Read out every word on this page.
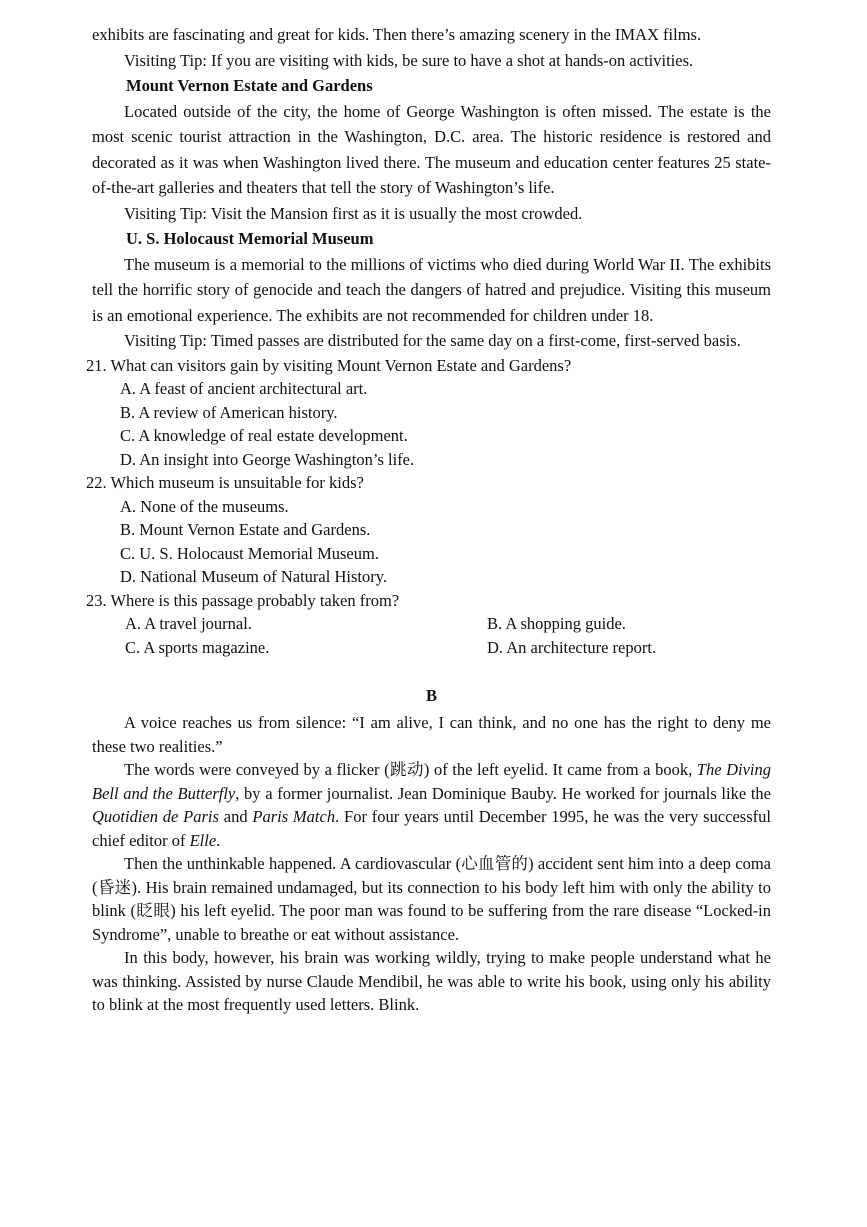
exhibits are fascinating and great for kids. Then there’s amazing scenery in the IMAX films.

Visiting Tip: If you are visiting with kids, be sure to have a shot at hands-on activities.

Mount Vernon Estate and Gardens

Located outside of the city, the home of George Washington is often missed. The estate is the most scenic tourist attraction in the Washington, D.C. area. The historic residence is restored and decorated as it was when Washington lived there. The museum and education center features 25 state-of-the-art galleries and theaters that tell the story of Washington’s life.

Visiting Tip: Visit the Mansion first as it is usually the most crowded.

U. S. Holocaust Memorial Museum

The museum is a memorial to the millions of victims who died during World War II. The exhibits tell the horrific story of genocide and teach the dangers of hatred and prejudice. Visiting this museum is an emotional experience. The exhibits are not recommended for children under 18.

Visiting Tip: Timed passes are distributed for the same day on a first-come, first-served basis.

21. What can visitors gain by visiting Mount Vernon Estate and Gardens?
A. A feast of ancient architectural art.
B. A review of American history.
C. A knowledge of real estate development.
D. An insight into George Washington’s life.
22. Which museum is unsuitable for kids?
A. None of the museums.
B. Mount Vernon Estate and Gardens.
C. U. S. Holocaust Memorial Museum.
D. National Museum of Natural History.
23. Where is this passage probably taken from?
A. A travel journal.	B. A shopping guide.
C. A sports magazine.	D. An architecture report.
B

A voice reaches us from silence: “I am alive, I can think, and no one has the right to deny me these two realities.”

The words were conveyed by a flicker (跳动) of the left eyelid. It came from a book, The Diving Bell and the Butterfly, by a former journalist. Jean Dominique Bauby. He worked for journals like the Quotidien de Paris and Paris Match. For four years until December 1995, he was the very successful chief editor of Elle.

Then the unthinkable happened. A cardiovascular (心血管的) accident sent him into a deep coma (昏迷). His brain remained undamaged, but its connection to his body left him with only the ability to blink (眨眼) his left eyelid. The poor man was found to be suffering from the rare disease “Locked-in Syndrome”, unable to breathe or eat without assistance.

In this body, however, his brain was working wildly, trying to make people understand what he was thinking. Assisted by nurse Claude Mendibil, he was able to write his book, using only his ability to blink at the most frequently used letters. Blink.
